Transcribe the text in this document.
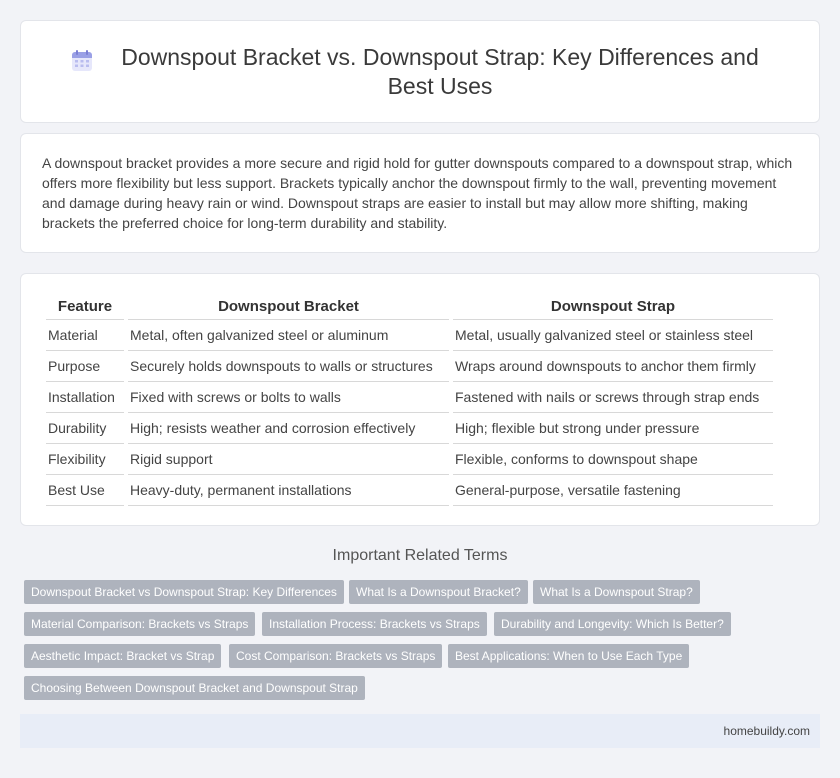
Downspout Bracket vs. Downspout Strap: Key Differences and Best Uses

A downspout bracket provides a more secure and rigid hold for gutter downspouts compared to a downspout strap, which offers more flexibility but less support. Brackets typically anchor the downspout firmly to the wall, preventing movement and damage during heavy rain or wind. Downspout straps are easier to install but may allow more shifting, making brackets the preferred choice for long-term durability and stability.

Feature	Downspout Bracket	Downspout Strap
Material	Metal, often galvanized steel or aluminum	Metal, usually galvanized steel or stainless steel
Purpose	Securely holds downspouts to walls or structures	Wraps around downspouts to anchor them firmly
Installation	Fixed with screws or bolts to walls	Fastened with nails or screws through strap ends
Durability	High; resists weather and corrosion effectively	High; flexible but strong under pressure
Flexibility	Rigid support	Flexible, conforms to downspout shape
Best Use	Heavy-duty, permanent installations	General-purpose, versatile fastening
Important Related Terms
Downspout Bracket vs Downspout Strap: Key Differences	What Is a Downspout Bracket?	What Is a Downspout Strap?
Material Comparison: Brackets vs Straps	Installation Process: Brackets vs Straps	Durability and Longevity: Which Is Better?
Aesthetic Impact: Bracket vs Strap	Cost Comparison: Brackets vs Straps	Best Applications: When to Use Each Type
Choosing Between Downspout Bracket and Downspout Strap
homebuildy.com
